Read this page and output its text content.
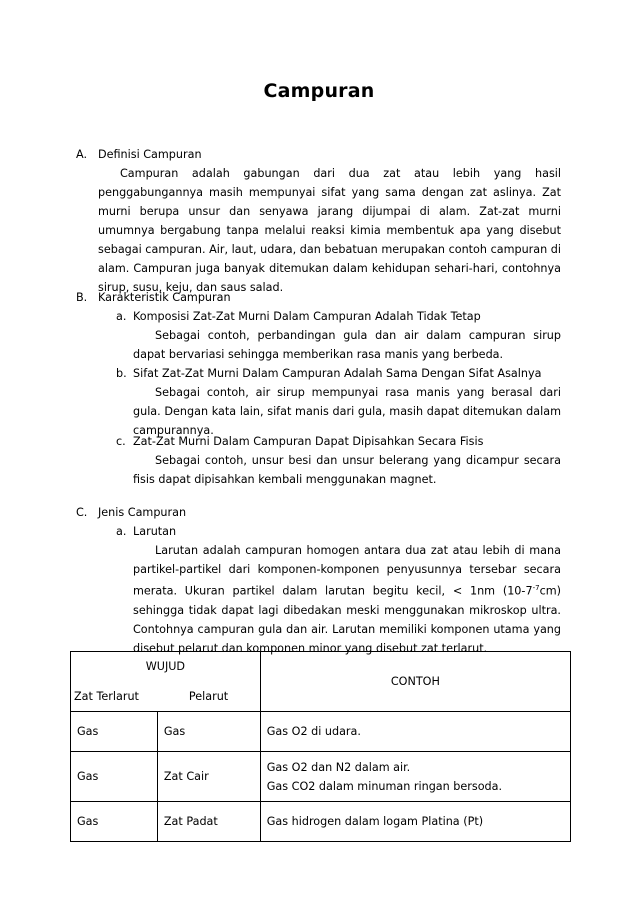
Campuran
A. Definisi Campuran
Campuran adalah gabungan dari dua zat atau lebih yang hasil penggabungannya masih mempunyai sifat yang sama dengan zat aslinya. Zat murni berupa unsur dan senyawa jarang dijumpai di alam. Zat-zat murni umumnya bergabung tanpa melalui reaksi kimia membentuk apa yang disebut sebagai campuran. Air, laut, udara, dan bebatuan merupakan contoh campuran di alam. Campuran juga banyak ditemukan dalam kehidupan sehari-hari, contohnya sirup, susu, keju, dan saus salad.
B. Karakteristik Campuran
a. Komposisi Zat-Zat Murni Dalam Campuran Adalah Tidak Tetap
Sebagai contoh, perbandingan gula dan air dalam campuran sirup dapat bervariasi sehingga memberikan rasa manis yang berbeda.
b. Sifat Zat-Zat Murni Dalam Campuran Adalah Sama Dengan Sifat Asalnya
Sebagai contoh, air sirup mempunyai rasa manis yang berasal dari gula. Dengan kata lain, sifat manis dari gula, masih dapat ditemukan dalam campurannya.
c. Zat-Zat Murni Dalam Campuran Dapat Dipisahkan Secara Fisis
Sebagai contoh, unsur besi dan unsur belerang yang dicampur secara fisis dapat dipisahkan kembali menggunakan magnet.
C. Jenis Campuran
a. Larutan
Larutan adalah campuran homogen antara dua zat atau lebih di mana partikel-partikel dari komponen-komponen penyusunnya tersebar secara merata. Ukuran partikel dalam larutan begitu kecil, < 1nm $(10-7^{-7}cm)$ sehingga tidak dapat lagi dibedakan meski menggunakan mikroskop ultra. Contohnya campuran gula dan air. Larutan memiliki komponen utama yang disebut pelarut dan komponen minor yang disebut zat terlarut.
WUJUD		CONTOH
Zat Terlarut	Pelarut	
Gas	Gas	Gas O2 di udara.
Gas	Zat Cair	Gas O2 dan N2 dalam air.
Gas CO2 dalam minuman ringan bersoda.

Gas	Zat Padat	Gas hidrogen dalam logam Platina (Pt)
